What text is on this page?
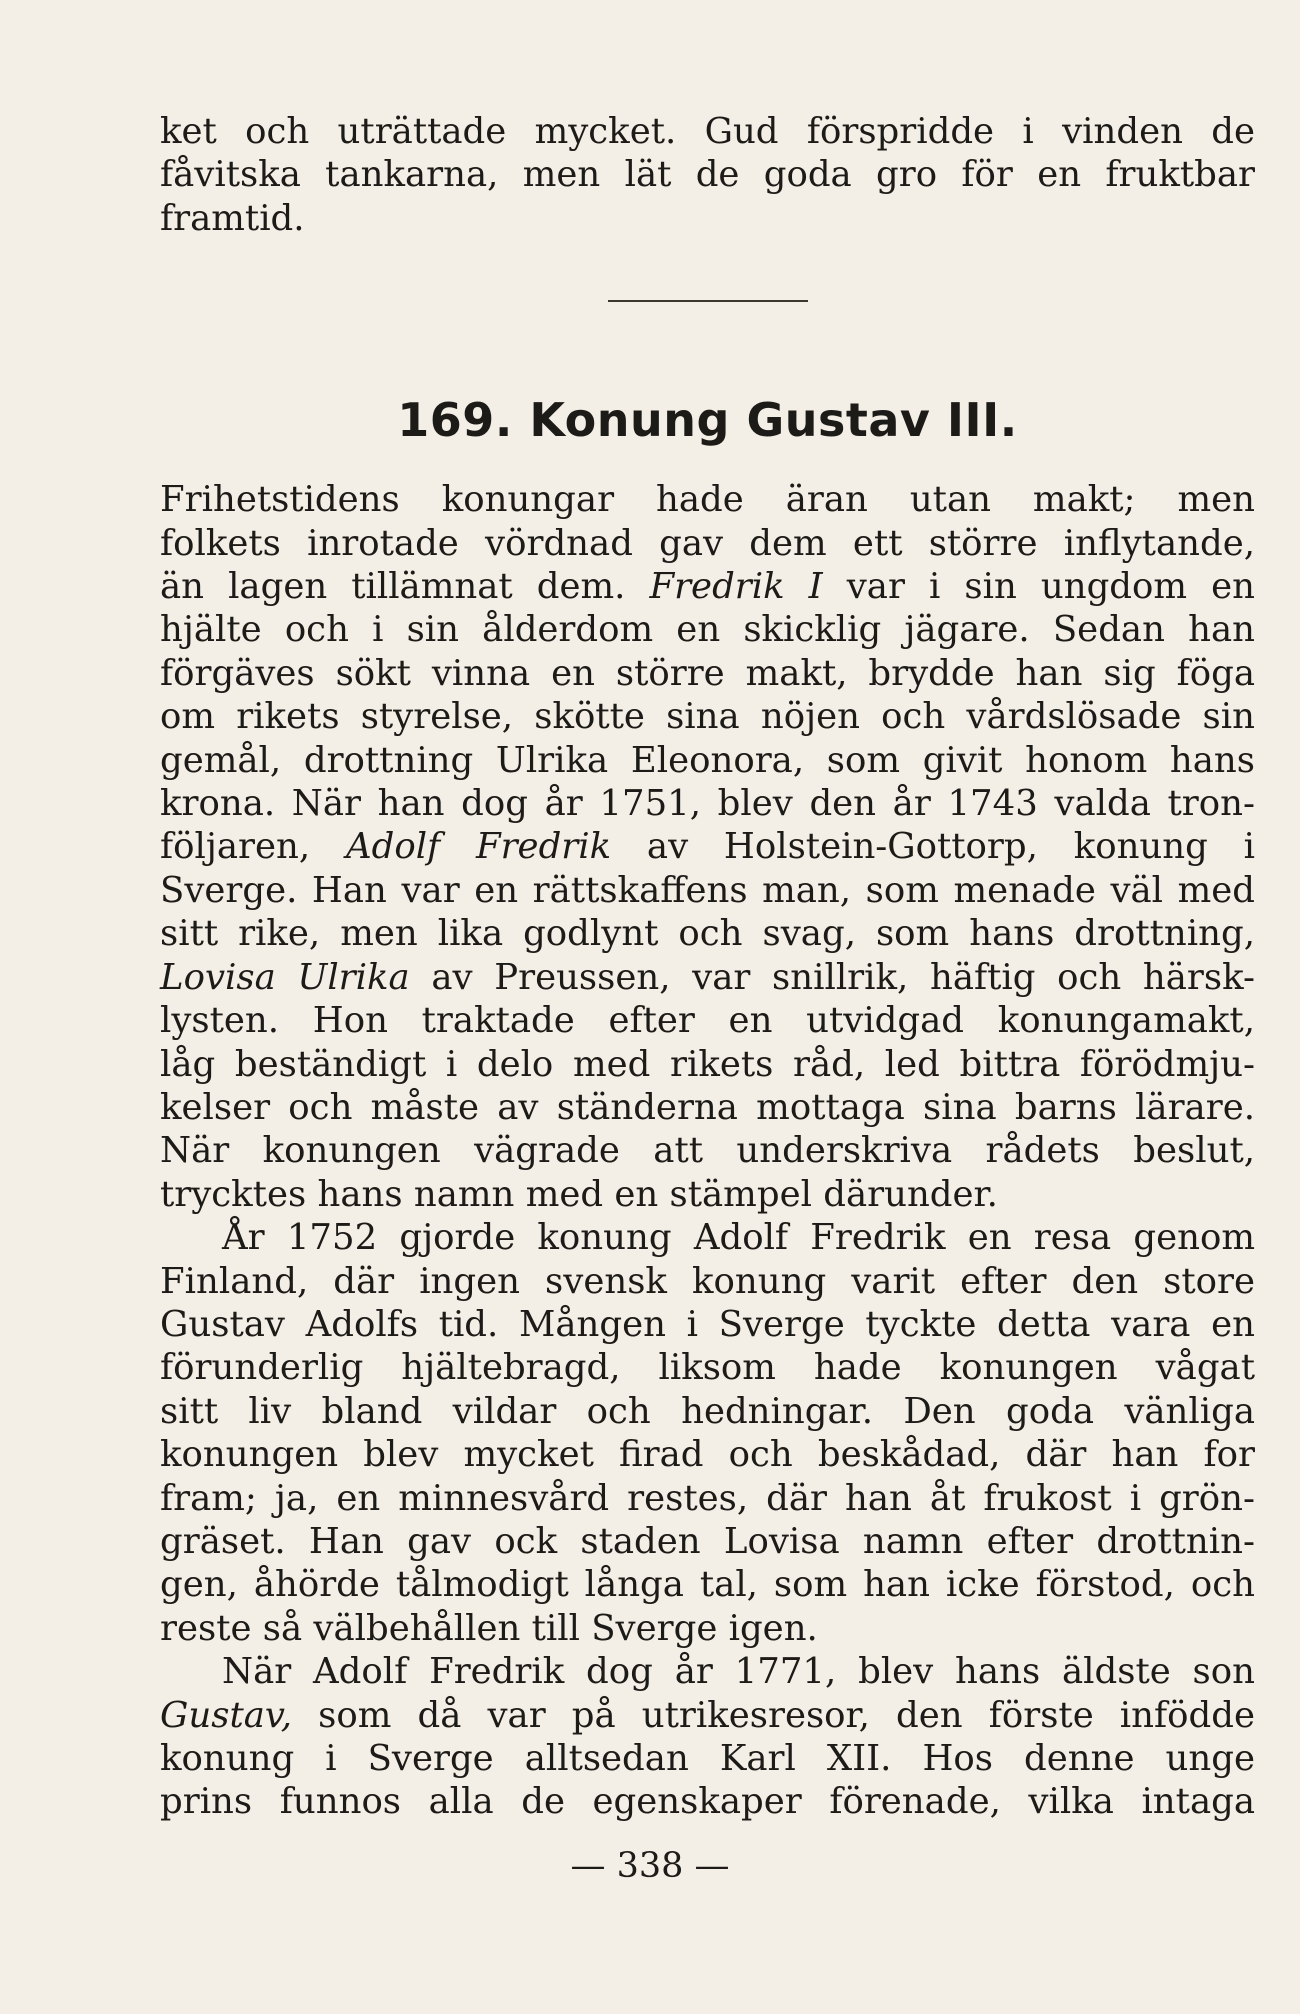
ket och uträttade mycket. Gud förspridde i vinden de
fåvitska tankarna, men lät de goda gro för en fruktbar
framtid.
169. Konung Gustav III.
Frihetstidens konungar hade äran utan makt; men
folkets inrotade vördnad gav dem ett större inflytande,
än lagen tillämnat dem. Fredrik I var i sin ungdom en
hjälte och i sin ålderdom en skicklig jägare. Sedan han
förgäves sökt vinna en större makt, brydde han sig föga
om rikets styrelse, skötte sina nöjen och vårdslösade sin
gemål, drottning Ulrika Eleonora, som givit honom hans
krona. När han dog år 1751, blev den år 1743 valda tron-
följaren, Adolf Fredrik av Holstein-Gottorp, konung i
Sverge. Han var en rättskaffens man, som menade väl med
sitt rike, men lika godlynt och svag, som hans drottning,
Lovisa Ulrika av Preussen, var snillrik, häftig och härsk-
lysten. Hon traktade efter en utvidgad konungamakt,
låg beständigt i delo med rikets råd, led bittra förödmju-
kelser och måste av ständerna mottaga sina barns lärare.
När konungen vägrade att underskriva rådets beslut,
trycktes hans namn med en stämpel därunder.
År 1752 gjorde konung Adolf Fredrik en resa genom
Finland, där ingen svensk konung varit efter den store
Gustav Adolfs tid. Mången i Sverge tyckte detta vara en
förunderlig hjältebragd, liksom hade konungen vågat
sitt liv bland vildar och hedningar. Den goda vänliga
konungen blev mycket firad och beskådad, där han for
fram; ja, en minnesvård restes, där han åt frukost i grön-
gräset. Han gav ock staden Lovisa namn efter drottnin-
gen, åhörde tålmodigt långa tal, som han icke förstod, och
reste så välbehållen till Sverge igen.
När Adolf Fredrik dog år 1771, blev hans äldste son
Gustav, som då var på utrikesresor, den förste infödde
konung i Sverge alltsedan Karl XII. Hos denne unge
prins funnos alla de egenskaper förenade, vilka intaga
— 338 —
